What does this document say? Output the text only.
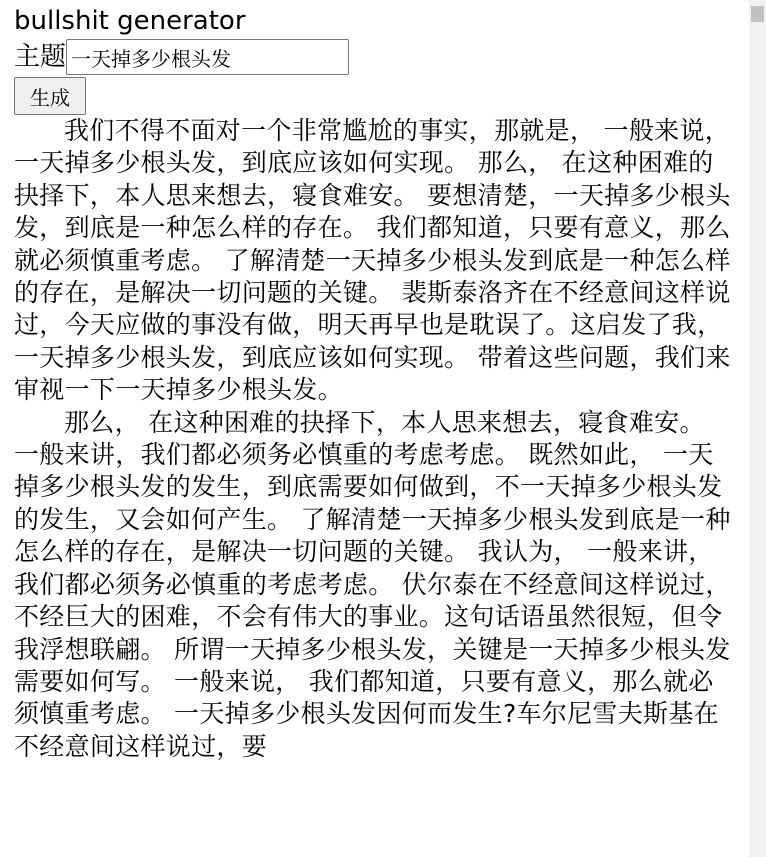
bullshit generator
主题
一天掉多少根头发
生成

我们不得不面对一个非常尴尬的事实，那就是， 一般来说， 一天掉多少根头发，到底应该如何实现。 那么， 在这种困难的抉择下，本人思来想去，寝食难安。 要想清楚，一天掉多少根头发，到底是一种怎么样的存在。 我们都知道，只要有意义，那么就必须慎重考虑。 了解清楚一天掉多少根头发到底是一种怎么样的存在，是解决一切问题的关键。 裴斯泰洛齐在不经意间这样说过，今天应做的事没有做，明天再早也是耽误了。这启发了我， 一天掉多少根头发，到底应该如何实现。 带着这些问题，我们来审视一下一天掉多少根头发。

那么， 在这种困难的抉择下，本人思来想去，寝食难安。 一般来讲，我们都必须务必慎重的考虑考虑。 既然如此， 一天掉多少根头发的发生，到底需要如何做到，不一天掉多少根头发的发生，又会如何产生。 了解清楚一天掉多少根头发到底是一种怎么样的存在，是解决一切问题的关键。 我认为， 一般来讲，我们都必须务必慎重的考虑考虑。 伏尔泰在不经意间这样说过，不经巨大的困难，不会有伟大的事业。这句话语虽然很短，但令我浮想联翩。 所谓一天掉多少根头发，关键是一天掉多少根头发需要如何写。 一般来说， 我们都知道，只要有意义，那么就必须慎重考虑。 一天掉多少根头发因何而发生?车尔尼雪夫斯基在不经意间这样说过，要
